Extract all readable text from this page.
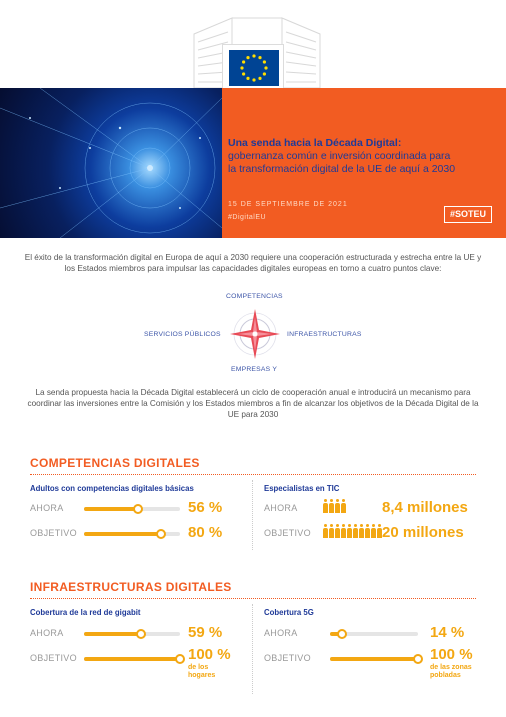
Una senda hacia la Década Digital:
gobernanza común e inversión coordinada para
la transformación digital de la UE de aquí a 2030
15 DE SEPTIEMBRE DE 2021
#DigitalEU	#SOTEU
El éxito de la transformación digital en Europa de aquí a 2030 requiere una cooperación estructurada y estrecha entre la UE y los Estados miembros para impulsar las capacidades digitales europeas en torno a cuatro puntos clave:
COMPETENCIAS
SERVICIOS PÚBLICOS	INFRAESTRUCTURAS
EMPRESAS Y
La senda propuesta hacia la Década Digital establecerá un ciclo de cooperación anual e introducirá un mecanismo para coordinar las inversiones entre la Comisión y los Estados miembros a fin de alcanzar los objetivos de la Década Digital de la UE para 2030
COMPETENCIAS DIGITALES
Adultos con competencias digitales básicas
AHORA	56 %
OBJETIVO	80 %
Especialistas en TIC
AHORA	8,4 millones
OBJETIVO	20 millones
INFRAESTRUCTURAS DIGITALES
Cobertura de la red de gigabit
AHORA	59 %
OBJETIVO	100 %
de los hogares
Cobertura 5G
AHORA	14 %
OBJETIVO	100 %
de las zonas pobladas
